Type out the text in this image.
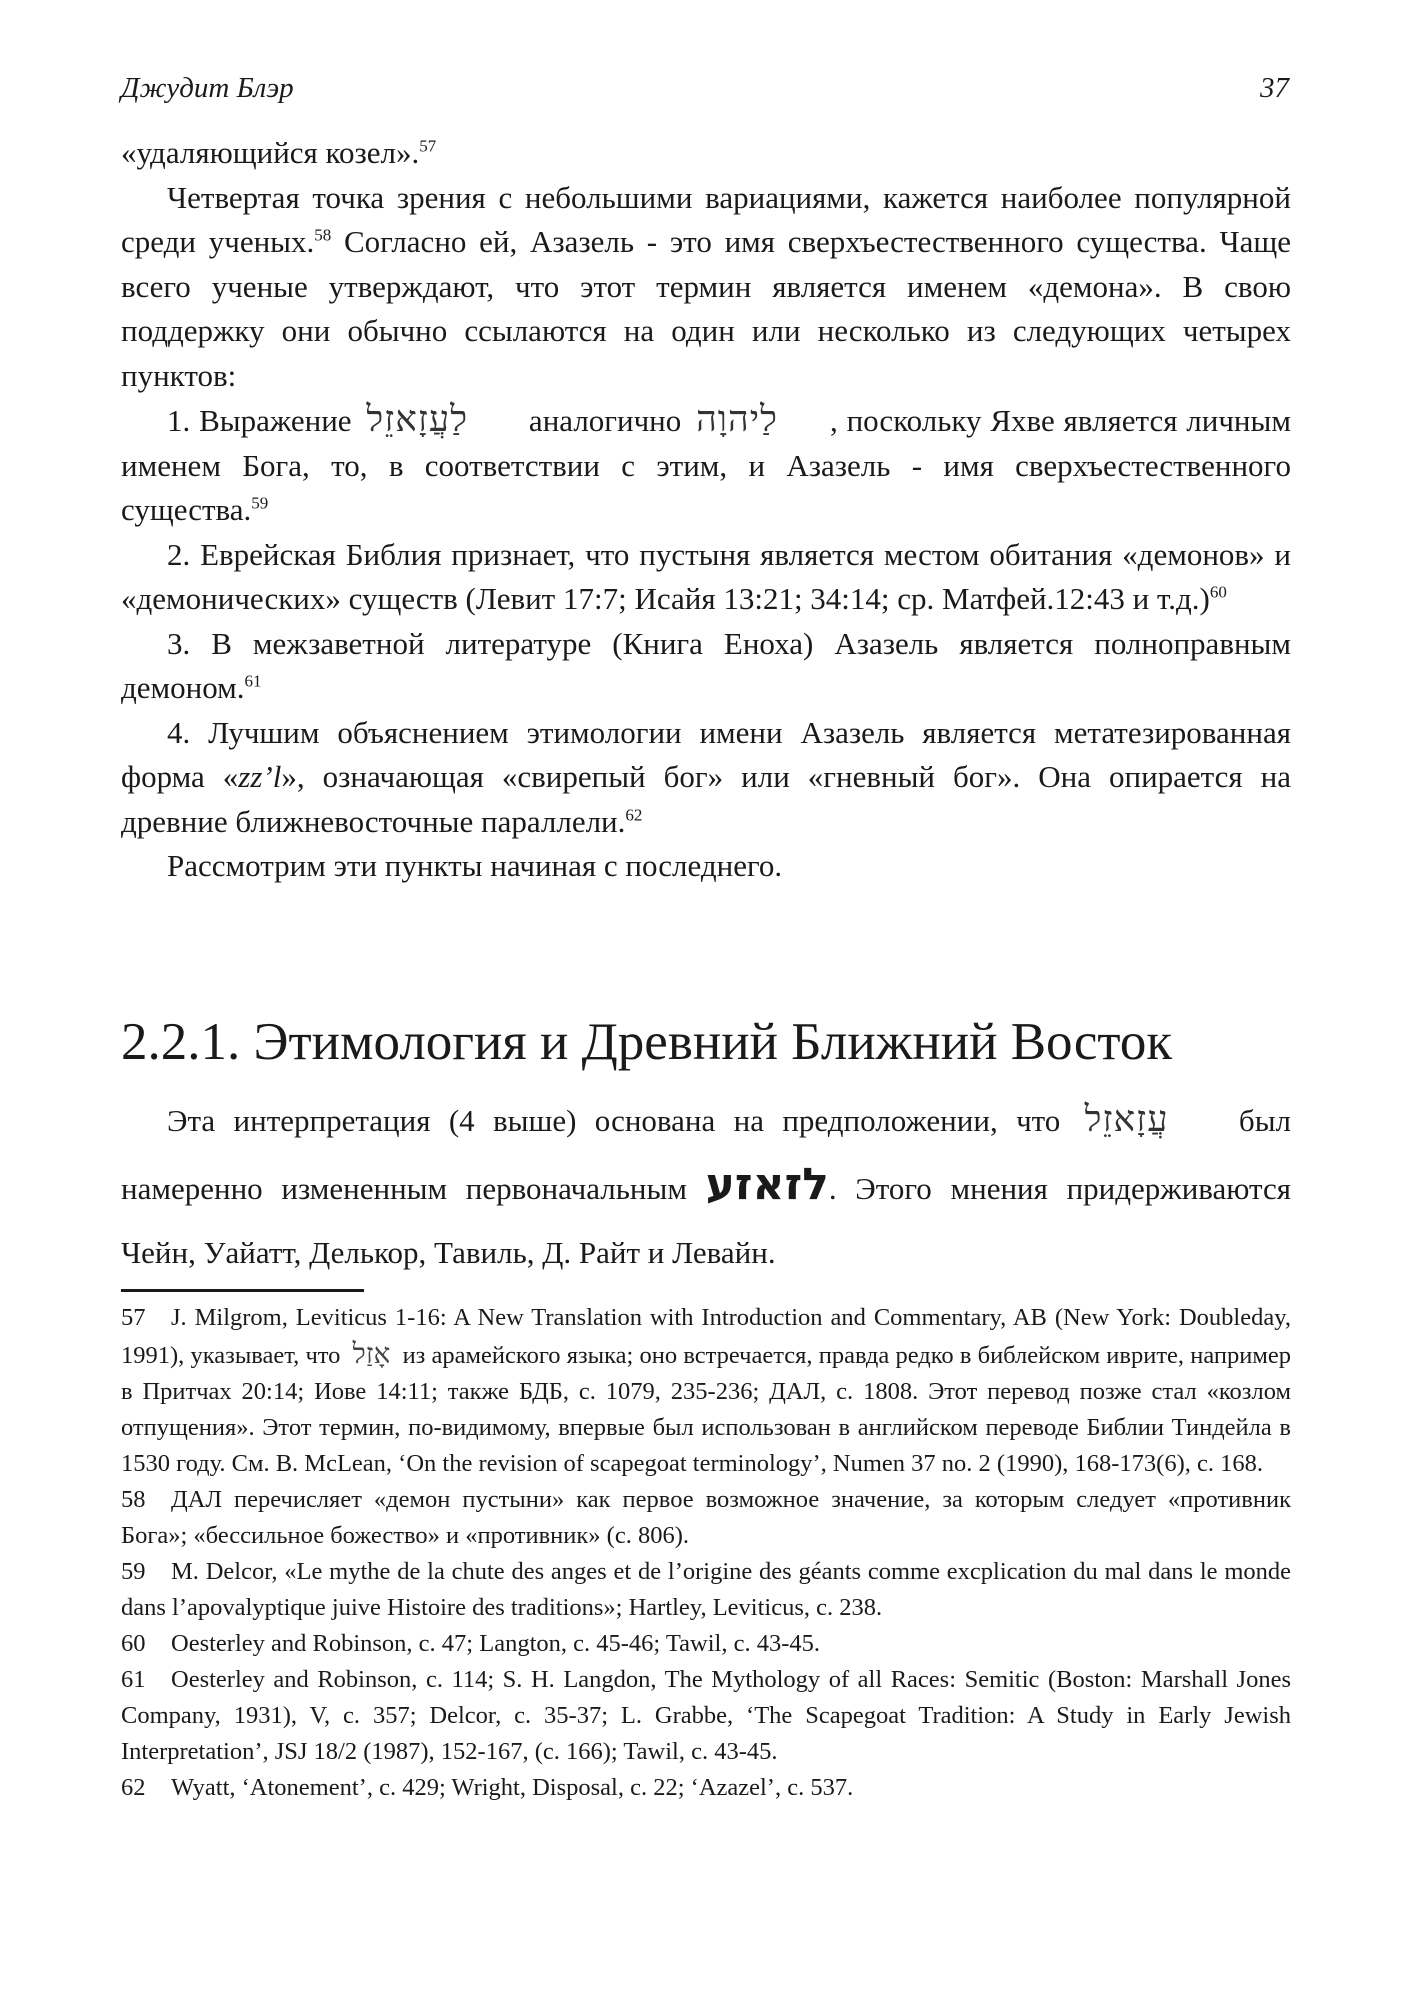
Джудит Блэр	37

«удаляющийся козел».$^{57}$

Четвертая точка зрения с небольшими вариациями, кажется наиболее популярной среди ученых.$^{58}$ Согласно ей, Азазель - это имя сверхъестественного существа. Чаще всего ученые утверждают, что этот термин является именем «демона». В свою поддержку они обычно ссылаются на один или несколько из следующих четырех пунктов:

1. Выражение לַעֲזָאזֵל аналогично לַיהוָה , поскольку Яхве является личным именем Бога, то, в соответствии с этим, и Азазель - имя сверхъестественного существа.$^{59}$

2. Еврейская Библия признает, что пустыня является местом обитания «демонов» и «демонических» существ (Левит 17:7; Исайя 13:21; 34:14; ср. Матфей.12:43 и т.д.)$^{60}$

3. В межзаветной литературе (Книга Еноха) Азазель является полноправным демоном.$^{61}$

4. Лучшим объяснением этимологии имени Азазель является метатезированная форма «zz’l», означающая «свирепый бог» или «гневный бог». Она опирается на древние ближневосточные параллели.$^{62}$

Рассмотрим эти пункты начиная с последнего.

2.2.1. Этимология и Древний Ближний Восток

Эта интерпретация (4 выше) основана на предположении, что עֲזָאזֵל был намеренно измененным первоначальным לזאזע. Этого мнения придерживаются Чейн, Уайатт, Делькор, Тавиль, Д. Райт и Левайн.

57 J. Milgrom, Leviticus 1-16: A New Translation with Introduction and Commentary, AB (New York: Doubleday, 1991), указывает, что אָזַל из арамейского языка; оно встречается, правда редко в библейском иврите, например в Притчах 20:14; Иове 14:11; также БДБ, с. 1079, 235-236; ДАЛ, с. 1808. Этот перевод позже стал «козлом отпущения». Этот термин, по-видимому, впервые был использован в английском переводе Библии Тиндейла в 1530 году. См. B. McLean, ‘On the revision of scapegoat terminology’, Numen 37 no. 2 (1990), 168-173(6), c. 168.

58 ДАЛ перечисляет «демон пустыни» как первое возможное значение, за которым следует «противник Бога»; «бессильное божество» и «противник» (с. 806).

59 M. Delcor, «Le mythe de la chute des anges et de l’origine des géants comme excplication du mal dans le monde dans l’apovalyptique juive Histoire des traditions»; Hartley, Leviticus, c. 238.

60 Oesterley and Robinson, c. 47; Langton, c. 45-46; Tawil, c. 43-45.

61 Oesterley and Robinson, c. 114; S. H. Langdon, The Mythology of all Races: Semitic (Boston: Marshall Jones Company, 1931), V, c. 357; Delcor, c. 35-37; L. Grabbe, ‘The Scapegoat Tradition: A Study in Early Jewish Interpretation’, JSJ 18/2 (1987), 152-167, (c. 166); Tawil, c. 43-45.

62 Wyatt, ‘Atonement’, c. 429; Wright, Disposal, c. 22; ‘Azazel’, c. 537.
